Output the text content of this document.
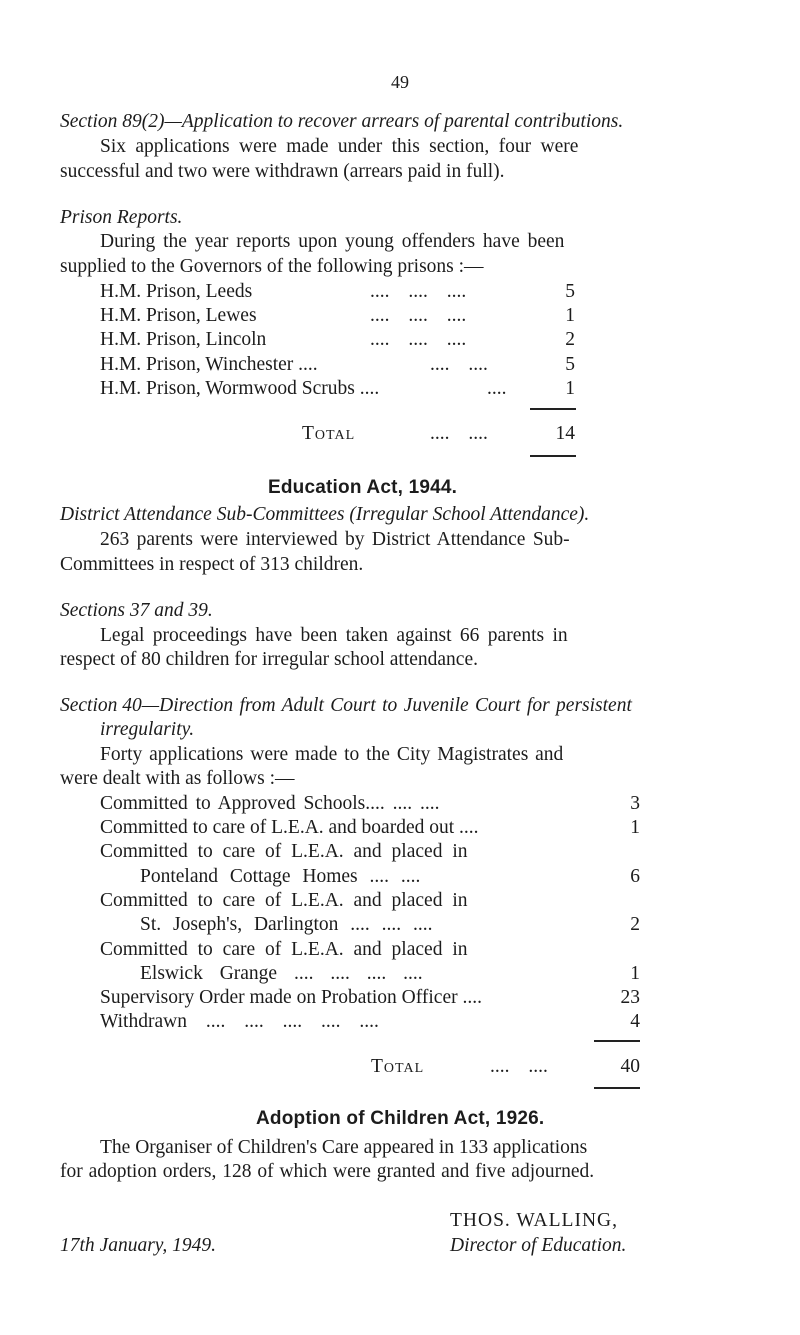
49
Section 89(2)—Application to recover arrears of parental contributions.
Six applications were made under this section, four were
successful and two were withdrawn (arrears paid in full).
Prison Reports.
During the year reports upon young offenders have been
supplied to the Governors of the following prisons :—
H.M. Prison, Leeds	.... .... ....	5
H.M. Prison, Lewes	.... .... ....	1
H.M. Prison, Lincoln	.... .... ....	2
H.M. Prison, Winchester ....	.... ....	5
H.M. Prison, Wormwood Scrubs ....	....	1
Total	.... ....	14
Education Act, 1944.
District Attendance Sub-Committees (Irregular School Attendance).
263 parents were interviewed by District Attendance Sub-
Committees in respect of 313 children.
Sections 37 and 39.
Legal proceedings have been taken against 66 parents in
respect of 80 children for irregular school attendance.
Section 40—Direction from Adult Court to Juvenile Court for persistent
irregularity.
Forty applications were made to the City Magistrates and
were dealt with as follows :—
Committed to Approved Schools.... .... ....	3
Committed to care of L.E.A. and boarded out ....	1
Committed to care of L.E.A. and placed in
Ponteland Cottage Homes .... ....	6
Committed to care of L.E.A. and placed in
St. Joseph's, Darlington .... .... ....	2
Committed to care of L.E.A. and placed in
Elswick Grange .... .... .... ....	1
Supervisory Order made on Probation Officer ....	23
Withdrawn .... .... .... .... ....	4
Total	.... ....	40
Adoption of Children Act, 1926.
The Organiser of Children's Care appeared in 133 applications
for adoption orders, 128 of which were granted and five adjourned.
THOS. WALLING,
17th January, 1949.	Director of Education.
